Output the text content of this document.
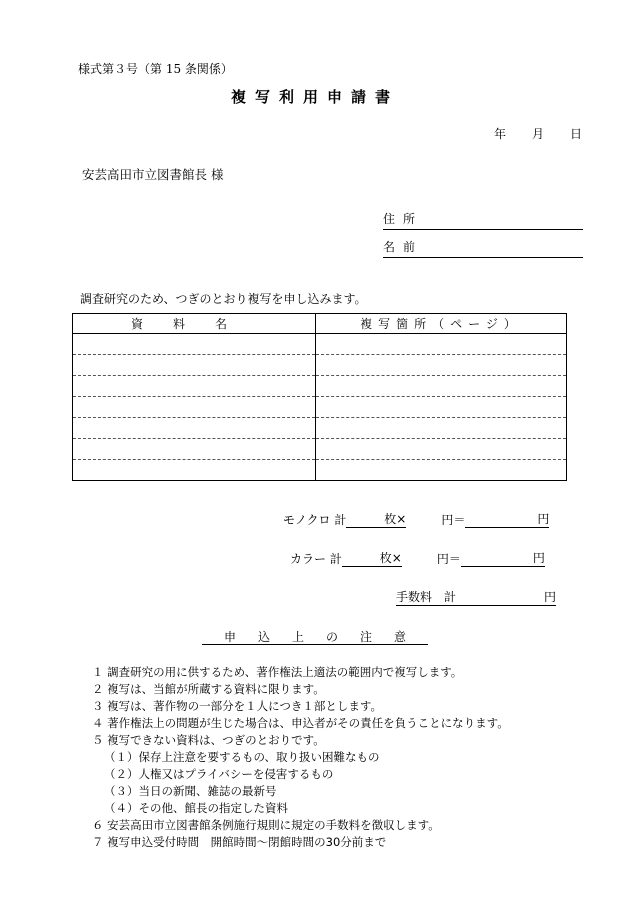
様式第３号（第 15 条関係）
複写利用申請書
年 月 日
安芸高田市立図書館長 様
住所
名前
調査研究のため、つぎのとおり複写を申し込みます。
資料名	複写箇所（ページ）

モノクロ 計	枚×	円＝	円
カラー 計	枚×	円＝	円
手数料　計	円
申込上の注意
１ 調査研究の用に供するため、著作権法上適法の範囲内で複写します。
２ 複写は、当館が所蔵する資料に限ります。
３ 複写は、著作物の一部分を１人につき１部とします。
４ 著作権法上の問題が生じた場合は、申込者がその責任を負うことになります。
５ 複写できない資料は、つぎのとおりです。
（１）保存上注意を要するもの、取り扱い困難なもの
（２）人権又はプライバシーを侵害するもの
（３）当日の新聞、雑誌の最新号
（４）その他、館長の指定した資料
６ 安芸高田市立図書館条例施行規則に規定の手数料を徴収します。
７ 複写申込受付時間　開館時間～閉館時間の30分前まで
